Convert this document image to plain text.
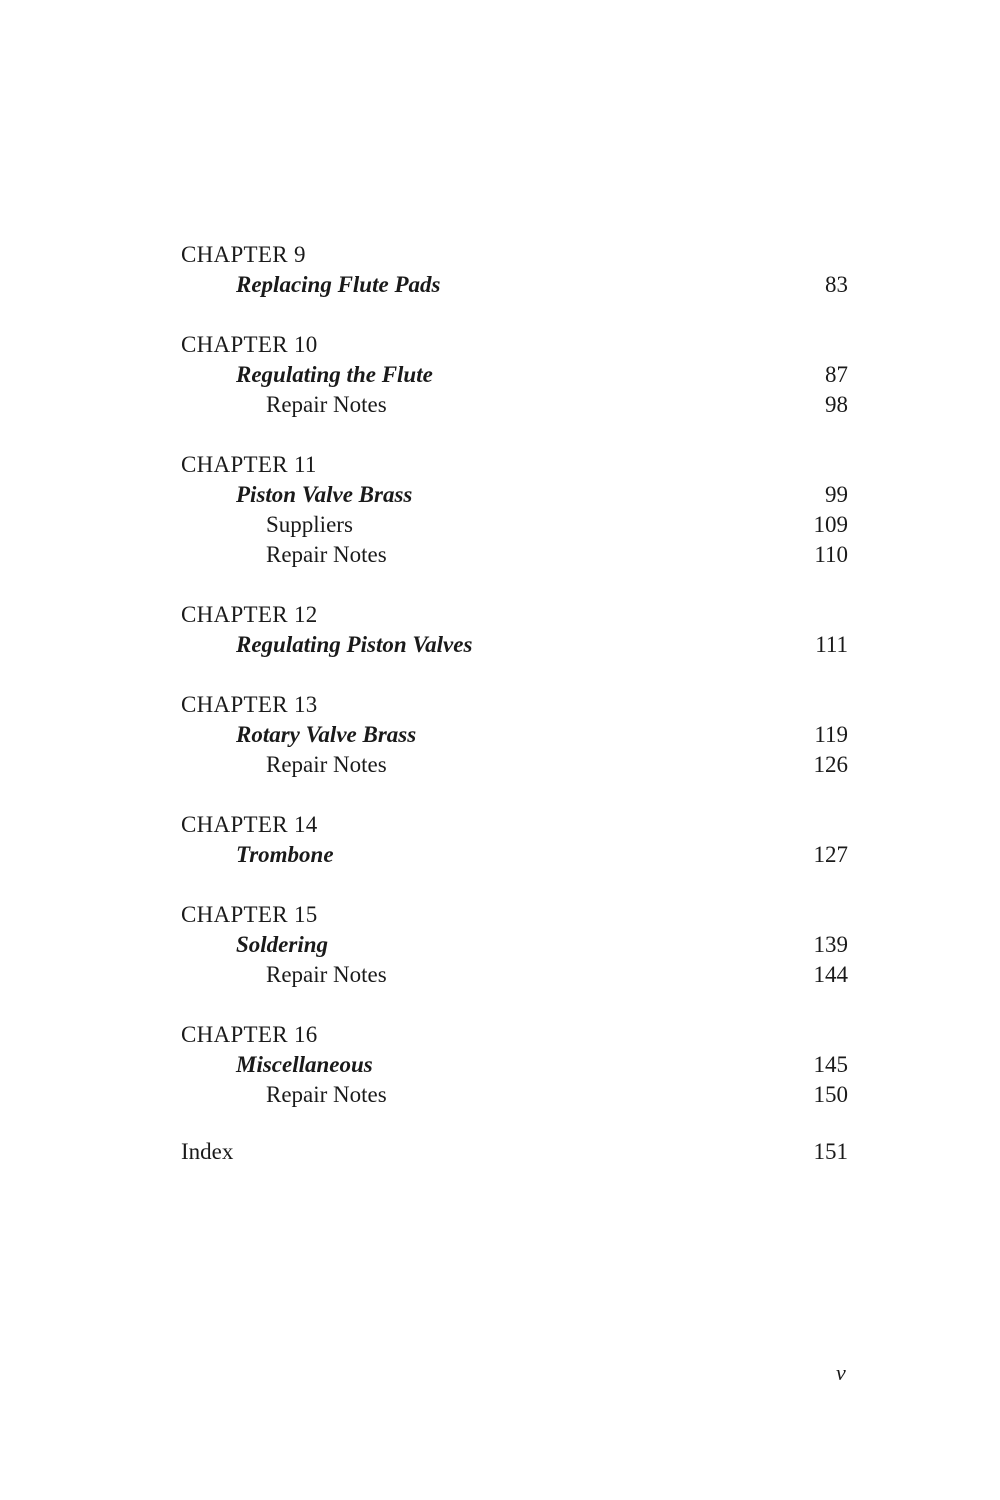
CHAPTER 9
Replacing Flute Pads	83
CHAPTER 10
Regulating the Flute	87
Repair Notes	98
CHAPTER 11
Piston Valve Brass	99
Suppliers	109
Repair Notes	110
CHAPTER 12
Regulating Piston Valves	111
CHAPTER 13
Rotary Valve Brass	119
Repair Notes	126
CHAPTER 14
Trombone	127
CHAPTER 15
Soldering	139
Repair Notes	144
CHAPTER 16
Miscellaneous	145
Repair Notes	150
Index	151
v
